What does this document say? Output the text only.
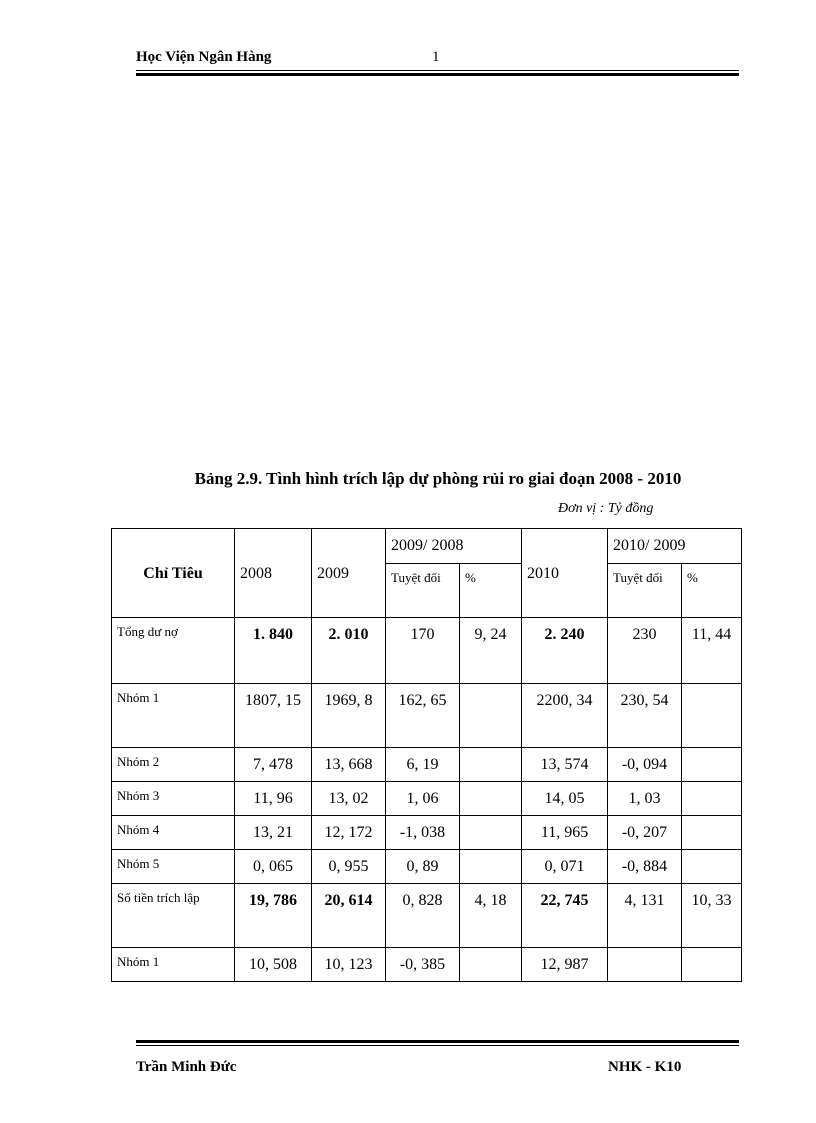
Học Viện Ngân Hàng	1
Bảng 2.9. Tình hình trích lập dự phòng rủi ro giai đoạn 2008 - 2010
Đơn vị : Tỷ đồng
Chỉ Tiêu	2008	2009	2009/ 2008		2010	2010/ 2009	
			Tuyệt đối	%		Tuyệt đối	%
Tổng dư nợ	1. 840	2. 010	170	9, 24	2. 240	230	11, 44
Nhóm 1	1807, 15	1969, 8	162, 65		2200, 34	230, 54	
Nhóm 2	7, 478	13, 668	6, 19		13, 574	-0, 094	
Nhóm 3	11, 96	13, 02	1, 06		14, 05	1, 03	
Nhóm 4	13, 21	12, 172	-1, 038		11, 965	-0, 207	
Nhóm 5	0, 065	0, 955	0, 89		0, 071	-0, 884	
Số tiền trích lập	19, 786	20, 614	0, 828	4, 18	22, 745	4, 131	10, 33
Nhóm 1	10, 508	10, 123	-0, 385		12, 987		
Trần Minh Đức	NHK - K10
